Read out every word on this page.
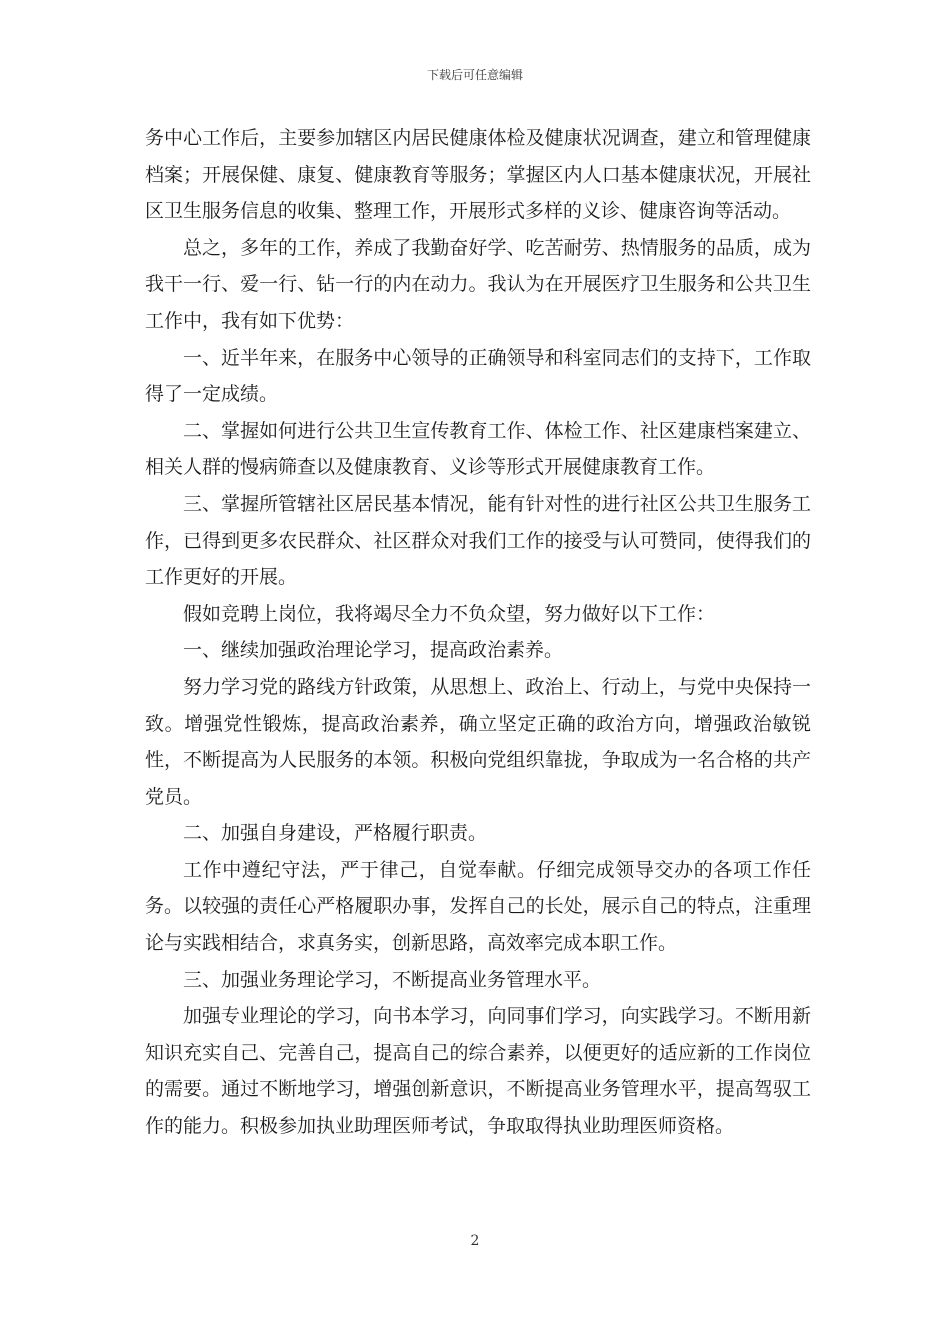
下载后可任意编辑

务中心工作后，主要参加辖区内居民健康体检及健康状况调查，建立和管理健康档案；开展保健、康复、健康教育等服务；掌握区内人口基本健康状况，开展社区卫生服务信息的收集、整理工作，开展形式多样的义诊、健康咨询等活动。

总之，多年的工作，养成了我勤奋好学、吃苦耐劳、热情服务的品质，成为我干一行、爱一行、钻一行的内在动力。我认为在开展医疗卫生服务和公共卫生工作中，我有如下优势：

一、近半年来，在服务中心领导的正确领导和科室同志们的支持下，工作取得了一定成绩。

二、掌握如何进行公共卫生宣传教育工作、体检工作、社区建康档案建立、相关人群的慢病筛查以及健康教育、义诊等形式开展健康教育工作。

三、掌握所管辖社区居民基本情况，能有针对性的进行社区公共卫生服务工作，已得到更多农民群众、社区群众对我们工作的接受与认可赞同，使得我们的工作更好的开展。

假如竞聘上岗位，我将竭尽全力不负众望，努力做好以下工作：

一、继续加强政治理论学习，提高政治素养。

努力学习党的路线方针政策，从思想上、政治上、行动上，与党中央保持一致。增强党性锻炼，提高政治素养，确立坚定正确的政治方向，增强政治敏锐性，不断提高为人民服务的本领。积极向党组织靠拢，争取成为一名合格的共产党员。

二、加强自身建设，严格履行职责。

工作中遵纪守法，严于律己，自觉奉献。仔细完成领导交办的各项工作任务。以较强的责任心严格履职办事，发挥自己的长处，展示自己的特点，注重理论与实践相结合，求真务实，创新思路，高效率完成本职工作。

三、加强业务理论学习，不断提高业务管理水平。

加强专业理论的学习，向书本学习，向同事们学习，向实践学习。不断用新知识充实自己、完善自己，提高自己的综合素养，以便更好的适应新的工作岗位的需要。通过不断地学习，增强创新意识，不断提高业务管理水平，提高驾驭工作的能力。积极参加执业助理医师考试，争取取得执业助理医师资格。

2
